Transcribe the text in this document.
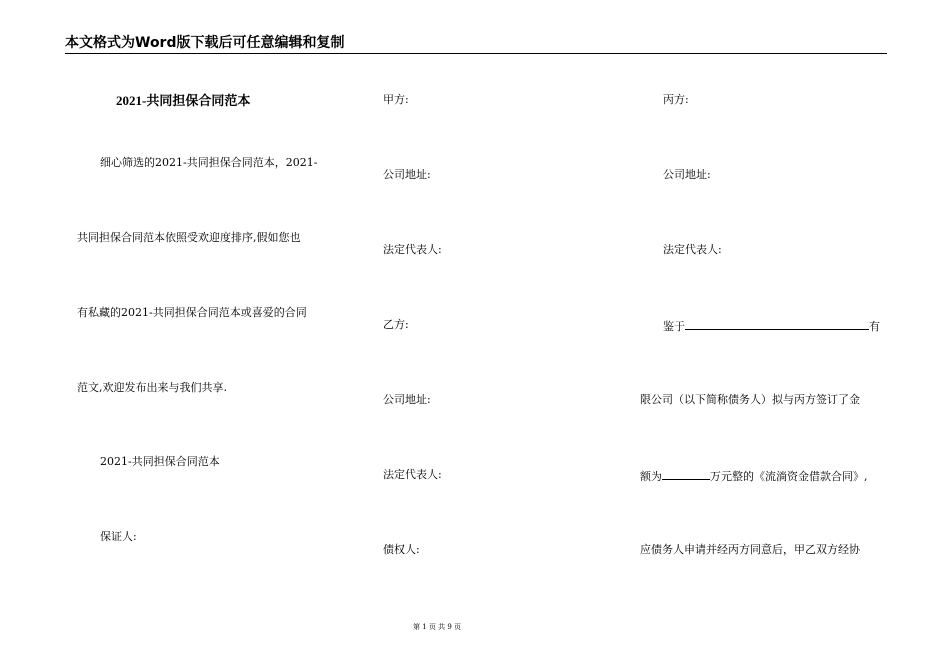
本文格式为Word版下载后可任意编辑和复制
2021-共同担保合同范本
细心筛选的2021-共同担保合同范本，2021-
共同担保合同范本依照受欢迎度排序,假如您也
有私藏的2021-共同担保合同范本或喜爱的合同
范文,欢迎发布出来与我们共享.
2021-共同担保合同范本
保证人:
甲方:
公司地址:
法定代表人:
乙方:
公司地址:
法定代表人:
债权人:
丙方:
公司地址:
法定代表人:
鉴于	有
限公司（以下简称债务人）拟与丙方签订了金
额为	万元整的《流淌资金借款合同》,
应债务人申请并经丙方同意后，甲乙双方经协
第 1 页 共 9 页
